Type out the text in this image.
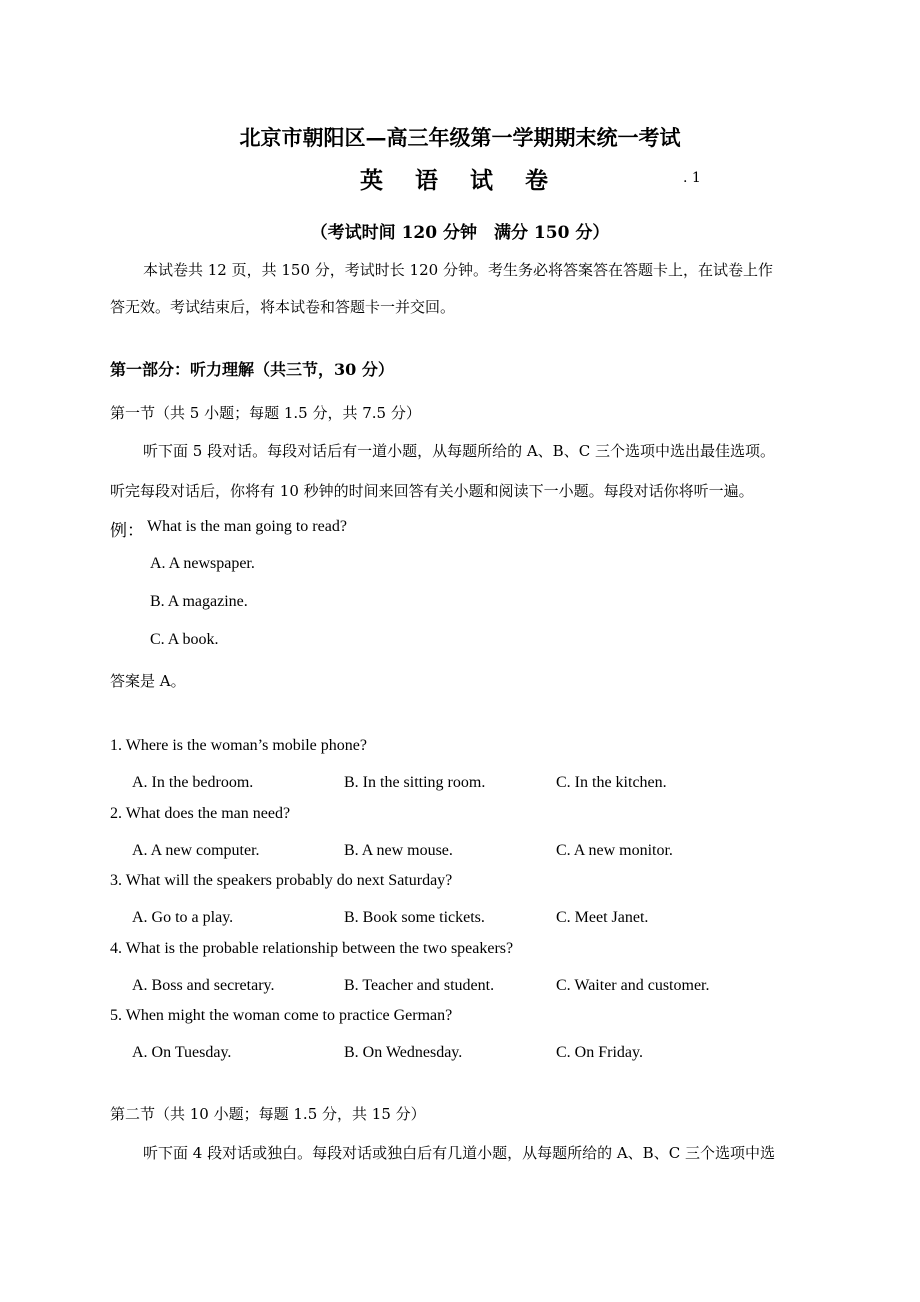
北京市朝阳区—高三年级第一学期期末统一考试
英 语 试 卷	. 1
（考试时间 120 分钟　满分 150 分）
本试卷共 12 页，共 150 分，考试时长 120 分钟。考生务必将答案答在答题卡上，在试卷上作
答无效。考试结束后，将本试卷和答题卡一并交回。
第一部分：听力理解（共三节，30 分）
第一节（共 5 小题；每题 1.5 分，共 7.5 分）
听下面 5 段对话。每段对话后有一道小题，从每题所给的 A、B、C 三个选项中选出最佳选项。
听完每段对话后，你将有 10 秒钟的时间来回答有关小题和阅读下一小题。每段对话你将听一遍。
例： What is the man going to read?
A. A newspaper.
B. A magazine.
C. A book.
答案是 A。
1. Where is the woman’s mobile phone?
A. In the bedroom.	B. In the sitting room.	C. In the kitchen.
2. What does the man need?
A. A new computer.	B. A new mouse.	C. A new monitor.
3. What will the speakers probably do next Saturday?
A. Go to a play.	B. Book some tickets.	C. Meet Janet.
4. What is the probable relationship between the two speakers?
A. Boss and secretary.	B. Teacher and student.	C. Waiter and customer.
5. When might the woman come to practice German?
A. On Tuesday.	B. On Wednesday.	C. On Friday.
第二节（共 10 小题；每题 1.5 分，共 15 分）
听下面 4 段对话或独白。每段对话或独白后有几道小题，从每题所给的 A、B、C 三个选项中选
